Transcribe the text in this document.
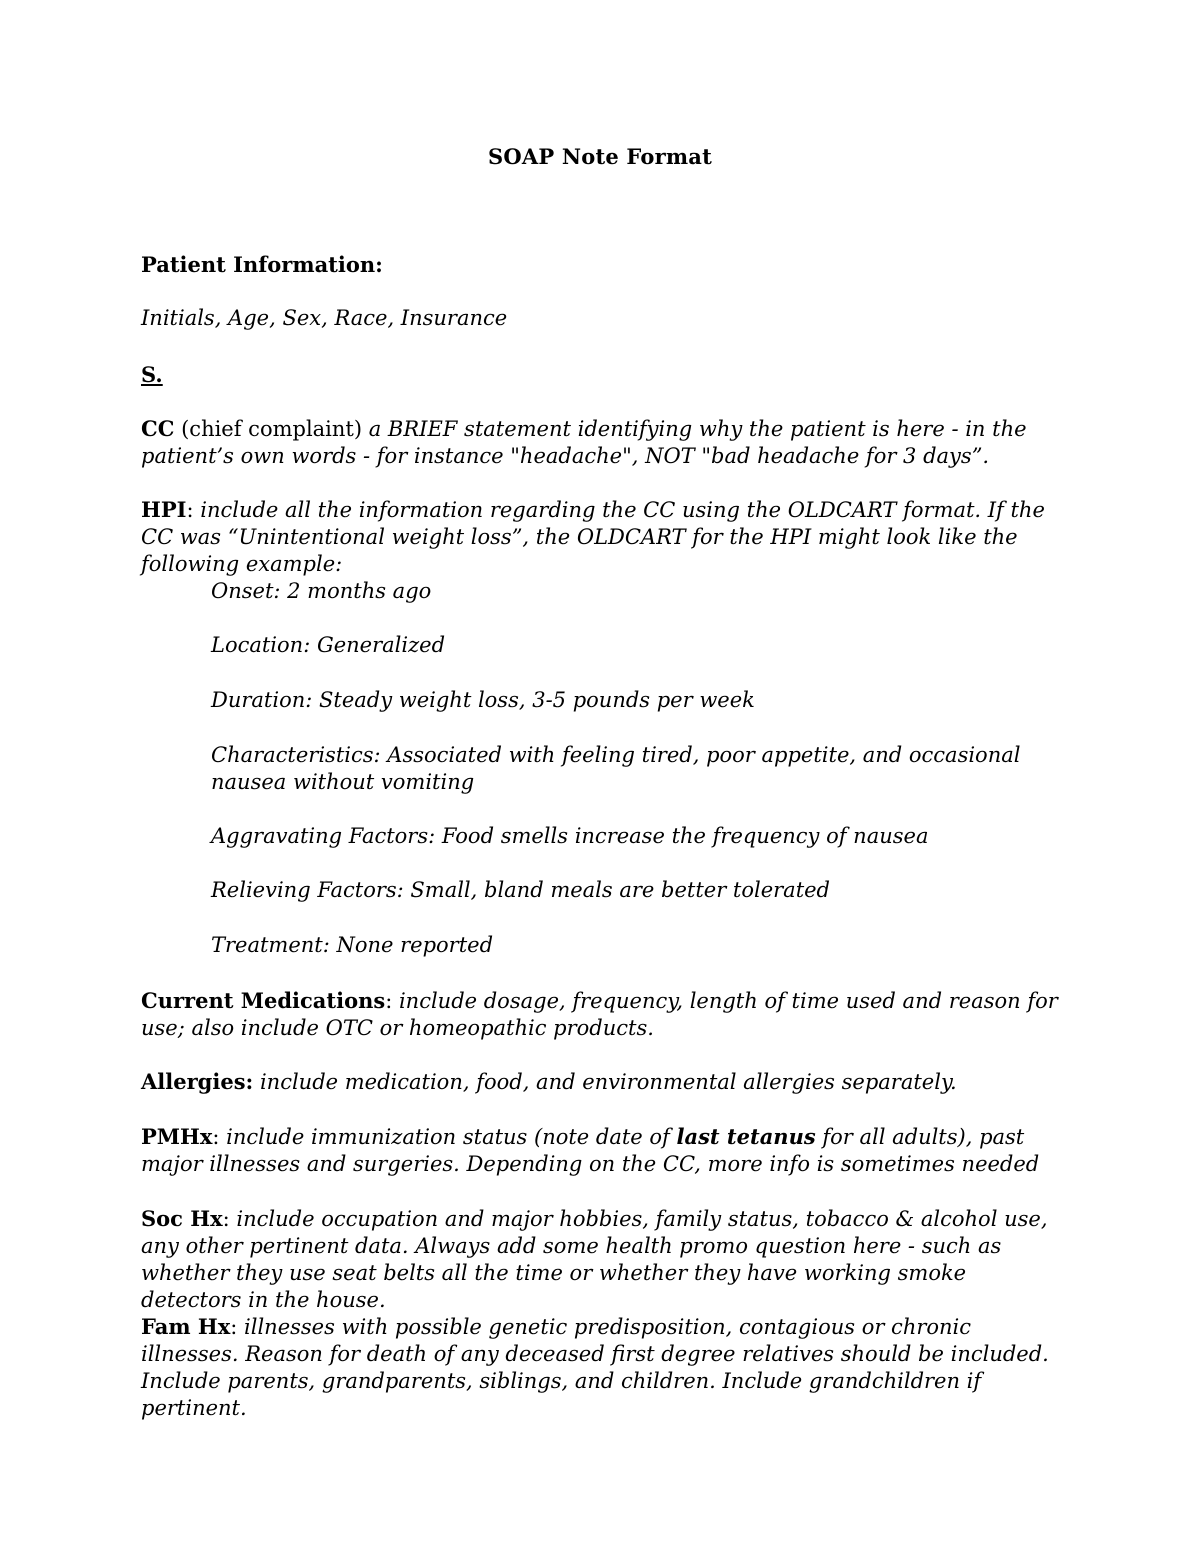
SOAP Note Format

Patient Information:

Initials, Age, Sex, Race, Insurance

S.

CC (chief complaint) a BRIEF statement identifying why the patient is here - in the patient’s own words - for instance "headache", NOT "bad headache for 3 days”.

HPI: include all the information regarding the CC using the OLDCART format. If the CC was “Unintentional weight loss”, the OLDCART for the HPI might look like the following example:

Onset: 2 months ago

Location: Generalized

Duration: Steady weight loss, 3-5 pounds per week

Characteristics: Associated with feeling tired, poor appetite, and occasional nausea without vomiting

Aggravating Factors: Food smells increase the frequency of nausea

Relieving Factors: Small, bland meals are better tolerated

Treatment: None reported

Current Medications: include dosage, frequency, length of time used and reason for use; also include OTC or homeopathic products.

Allergies: include medication, food, and environmental allergies separately.

PMHx: include immunization status (note date of last tetanus for all adults), past major illnesses and surgeries. Depending on the CC, more info is sometimes needed

Soc Hx: include occupation and major hobbies, family status, tobacco & alcohol use, any other pertinent data. Always add some health promo question here - such as whether they use seat belts all the time or whether they have working smoke detectors in the house.

Fam Hx: illnesses with possible genetic predisposition, contagious or chronic illnesses. Reason for death of any deceased first degree relatives should be included. Include parents, grandparents, siblings, and children. Include grandchildren if pertinent.
